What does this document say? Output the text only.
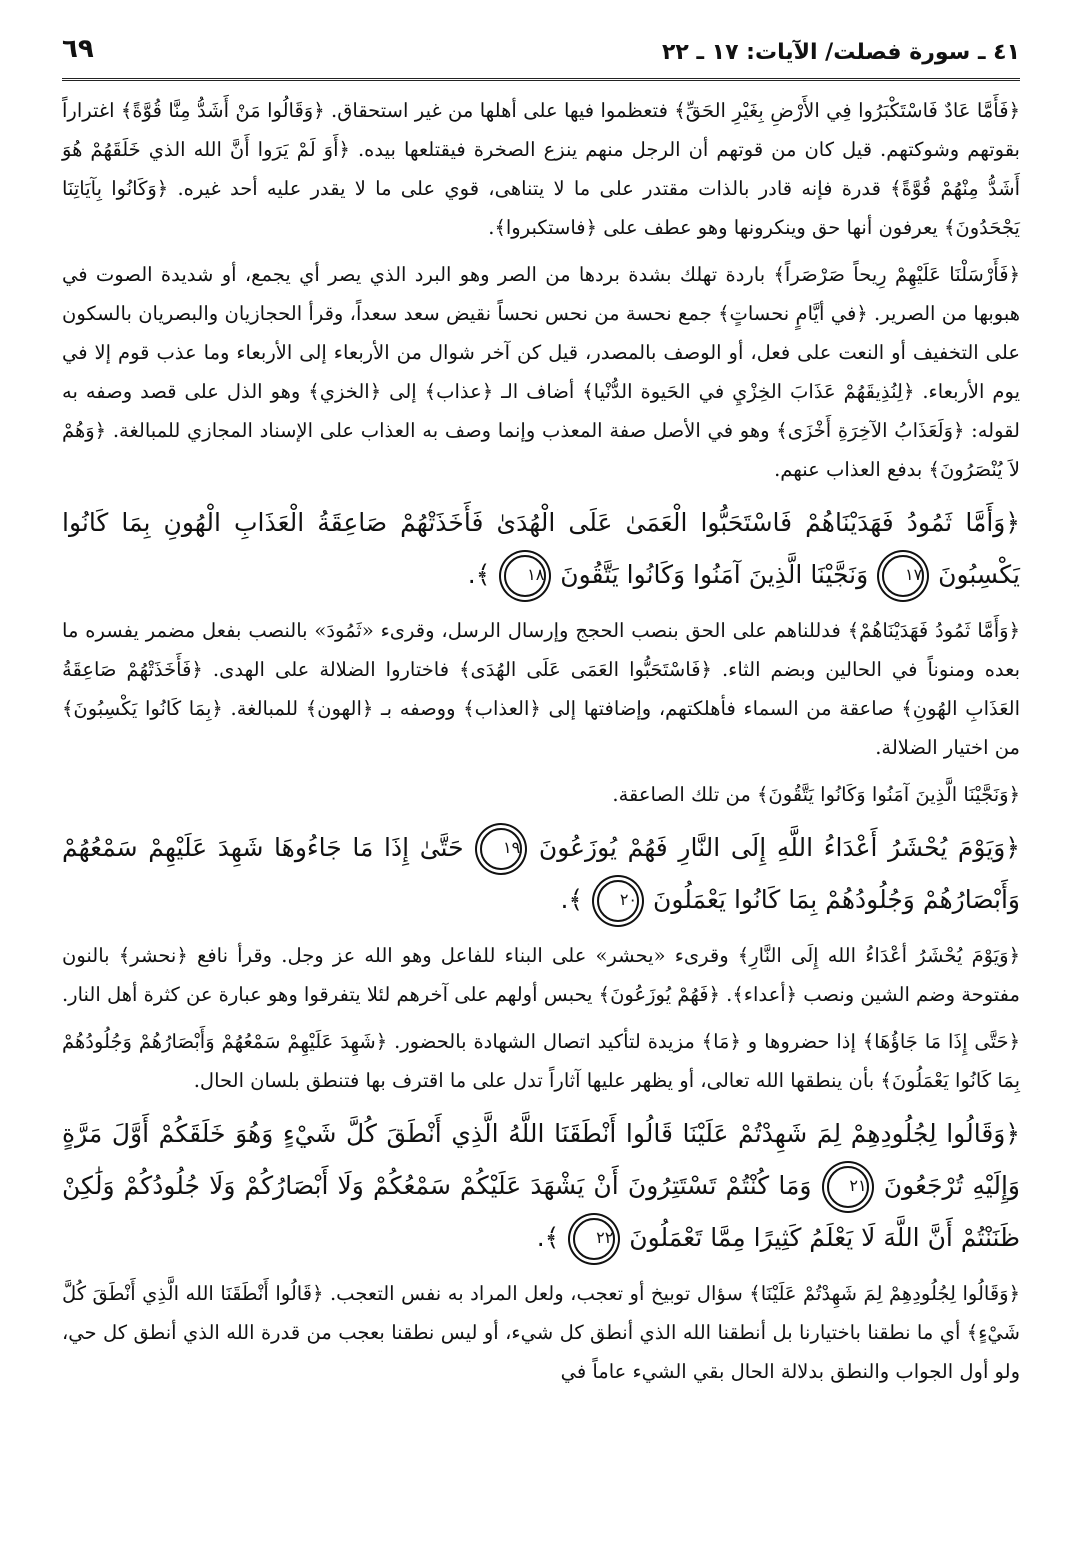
٤١ ـ سورة فصلت/ الآيات: ١٧ ـ ٢٢
٦٩

﴿فَأَمَّا عَادٌ فَاسْتَكْبَرُوا فِي الأَرْضِ بِغَيْرِ الحَقِّ﴾ فتعظموا فيها على أهلها من غير استحقاق. ﴿وَقَالُوا مَنْ أَشَدُّ مِنَّا قُوَّةً﴾ اغتراراً بقوتهم وشوكتهم. قيل كان من قوتهم أن الرجل منهم ينزع الصخرة فيقتلعها بيده. ﴿أَوَ لَمْ يَرَوا أَنَّ الله الذي خَلَقَهُمْ هُوَ أَشَدُّ مِنْهُمْ قُوَّةً﴾ قدرة فإنه قادر بالذات مقتدر على ما لا يتناهى، قوي على ما لا يقدر عليه أحد غيره. ﴿وَكَانُوا بِآيَاتِنَا يَجْحَدُونَ﴾ يعرفون أنها حق وينكرونها وهو عطف على ﴿فاستكبروا﴾.

﴿فَأَرْسَلْنَا عَلَيْهِمْ رِيحاً صَرْصَراً﴾ باردة تهلك بشدة بردها من الصر وهو البرد الذي يصر أي يجمع، أو شديدة الصوت في هبوبها من الصرير. ﴿في أيَّامٍ نحساتٍ﴾ جمع نحسة من نحس نحساً نقيض سعد سعداً، وقرأ الحجازيان والبصريان بالسكون على التخفيف أو النعت على فعل، أو الوصف بالمصدر، قيل كن آخر شوال من الأربعاء إلى الأربعاء وما عذب قوم إلا في يوم الأربعاء. ﴿لِنُذِيقَهُمْ عَذَابَ الخِزْيِ في الحَيوة الدُّنْيا﴾ أضاف الـ ﴿عذاب﴾ إلى ﴿الخزي﴾ وهو الذل على قصد وصفه به لقوله: ﴿وَلَعَذَابُ الآخِرَةِ أَخْزَى﴾ وهو في الأصل صفة المعذب وإنما وصف به العذاب على الإسناد المجازي للمبالغة. ﴿وَهُمْ لاَ يُنْصَرُونَ﴾ بدفع العذاب عنهم.

﴿وَأَمَّا ثَمُودُ فَهَدَيْنَاهُمْ فَاسْتَحَبُّوا الْعَمَىٰ عَلَى الْهُدَىٰ فَأَخَذَتْهُمْ صَاعِقَةُ الْعَذَابِ الْهُونِ بِمَا كَانُوا يَكْسِبُونَ ١٧ وَنَجَّيْنَا الَّذِينَ آمَنُوا وَكَانُوا يَتَّقُونَ ١٨ ﴾.

﴿وَأَمَّا ثَمُودُ فَهَدَيْنَاهُمْ﴾ فدللناهم على الحق بنصب الحجج وإرسال الرسل، وقرىء «ثَمُودَ» بالنصب بفعل مضمر يفسره ما بعده ومنوناً في الحالين وبضم الثاء. ﴿فَاسْتَحَبُّوا العَمَى عَلَى الهُدَى﴾ فاختاروا الضلالة على الهدى. ﴿فَأَخَذَتْهُمْ صَاعِقَةُ العَذَابِ الهُونِ﴾ صاعقة من السماء فأهلكتهم، وإضافتها إلى ﴿العذاب﴾ ووصفه بـ ﴿الهون﴾ للمبالغة. ﴿بِمَا كَانُوا يَكْسِبُونَ﴾ من اختيار الضلالة.

﴿وَنَجَّيْنَا الَّذِينَ آمَنُوا وَكَانُوا يَتَّقُونَ﴾ من تلك الصاعقة.

﴿وَيَوْمَ يُحْشَرُ أَعْدَاءُ اللَّهِ إِلَى النَّارِ فَهُمْ يُوزَعُونَ ١٩ حَتَّىٰ إِذَا مَا جَاءُوهَا شَهِدَ عَلَيْهِمْ سَمْعُهُمْ وَأَبْصَارُهُمْ وَجُلُودُهُمْ بِمَا كَانُوا يَعْمَلُونَ ٢٠ ﴾.

﴿وَيَوْمَ يُحْشَرُ أعْدَاءُ الله إِلَى النَّارِ﴾ وقرىء «يحشر» على البناء للفاعل وهو الله عز وجل. وقرأ نافع ﴿نحشر﴾ بالنون مفتوحة وضم الشين ونصب ﴿أعداء﴾. ﴿فَهُمْ يُوزَعُونَ﴾ يحبس أولهم على آخرهم لئلا يتفرقوا وهو عبارة عن كثرة أهل النار.

﴿حَتَّى إِذَا مَا جَاؤُهَا﴾ إذا حضروها و ﴿مَا﴾ مزيدة لتأكيد اتصال الشهادة بالحضور. ﴿شَهِدَ عَلَيْهِمْ سَمْعُهُمْ وَأَبْصَارُهُمْ وَجُلُودُهُمْ بِمَا كَانُوا يَعْمَلُونَ﴾ بأن ينطقها الله تعالى، أو يظهر عليها آثاراً تدل على ما اقترف بها فتنطق بلسان الحال.

﴿وَقَالُوا لِجُلُودِهِمْ لِمَ شَهِدْتُمْ عَلَيْنَا قَالُوا أَنْطَقَنَا اللَّهُ الَّذِي أَنْطَقَ كُلَّ شَيْءٍ وَهُوَ خَلَقَكُمْ أَوَّلَ مَرَّةٍ وَإِلَيْهِ تُرْجَعُونَ ٢١ وَمَا كُنْتُمْ تَسْتَتِرُونَ أَنْ يَشْهَدَ عَلَيْكُمْ سَمْعُكُمْ وَلَا أَبْصَارُكُمْ وَلَا جُلُودُكُمْ وَلَٰكِنْ ظَنَنْتُمْ أَنَّ اللَّهَ لَا يَعْلَمُ كَثِيرًا مِمَّا تَعْمَلُونَ ٢٢ ﴾.

﴿وَقَالُوا لِجُلُودِهِمْ لِمَ شَهِدْتُمْ عَلَيْنَا﴾ سؤال توبيخ أو تعجب، ولعل المراد به نفس التعجب. ﴿قَالُوا أَنْطَقَنَا الله الَّذِي أَنْطَقَ كُلَّ شَيْءٍ﴾ أي ما نطقنا باختيارنا بل أنطقنا الله الذي أنطق كل شيء، أو ليس نطقنا بعجب من قدرة الله الذي أنطق كل حي، ولو أول الجواب والنطق بدلالة الحال بقي الشيء عاماً في
